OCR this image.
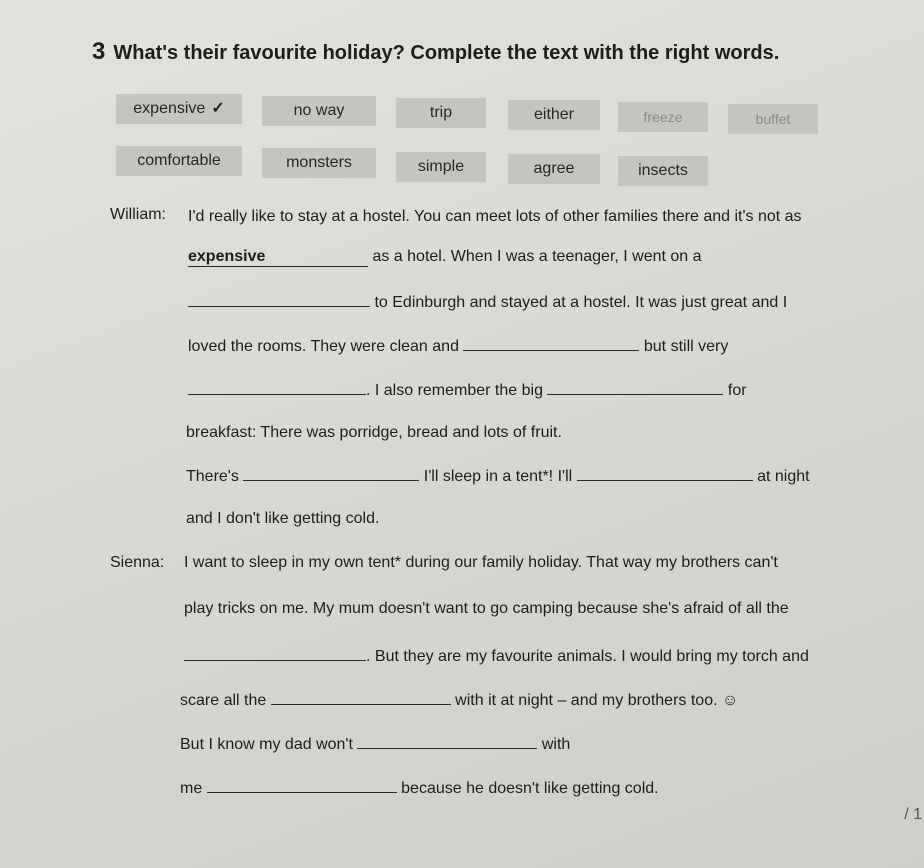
3 What's their favourite holiday? Complete the text with the right words.
expensive ✓	no way	trip	either	freeze	buffet
comfortable	monsters	simple	agree	insects
William: I'd really like to stay at a hostel. You can meet lots of other families there and it's not as
expensive	as a hotel. When I was a teenager, I went on a
to Edinburgh and stayed at a hostel. It was just great and I
loved the rooms. They were clean and	but still very
. I also remember the big	for
breakfast: There was porridge, bread and lots of fruit.
There's	I'll sleep in a tent*! I'll	at night
and I don't like getting cold.
Sienna: I want to sleep in my own tent* during our family holiday. That way my brothers can't
play tricks on me. My mum doesn't want to go camping because she's afraid of all the
. But they are my favourite animals. I would bring my torch and
scare all the	with it at night – and my brothers too. ☺
But I know my dad won't	with
me	because he doesn't like getting cold.
/ 1
